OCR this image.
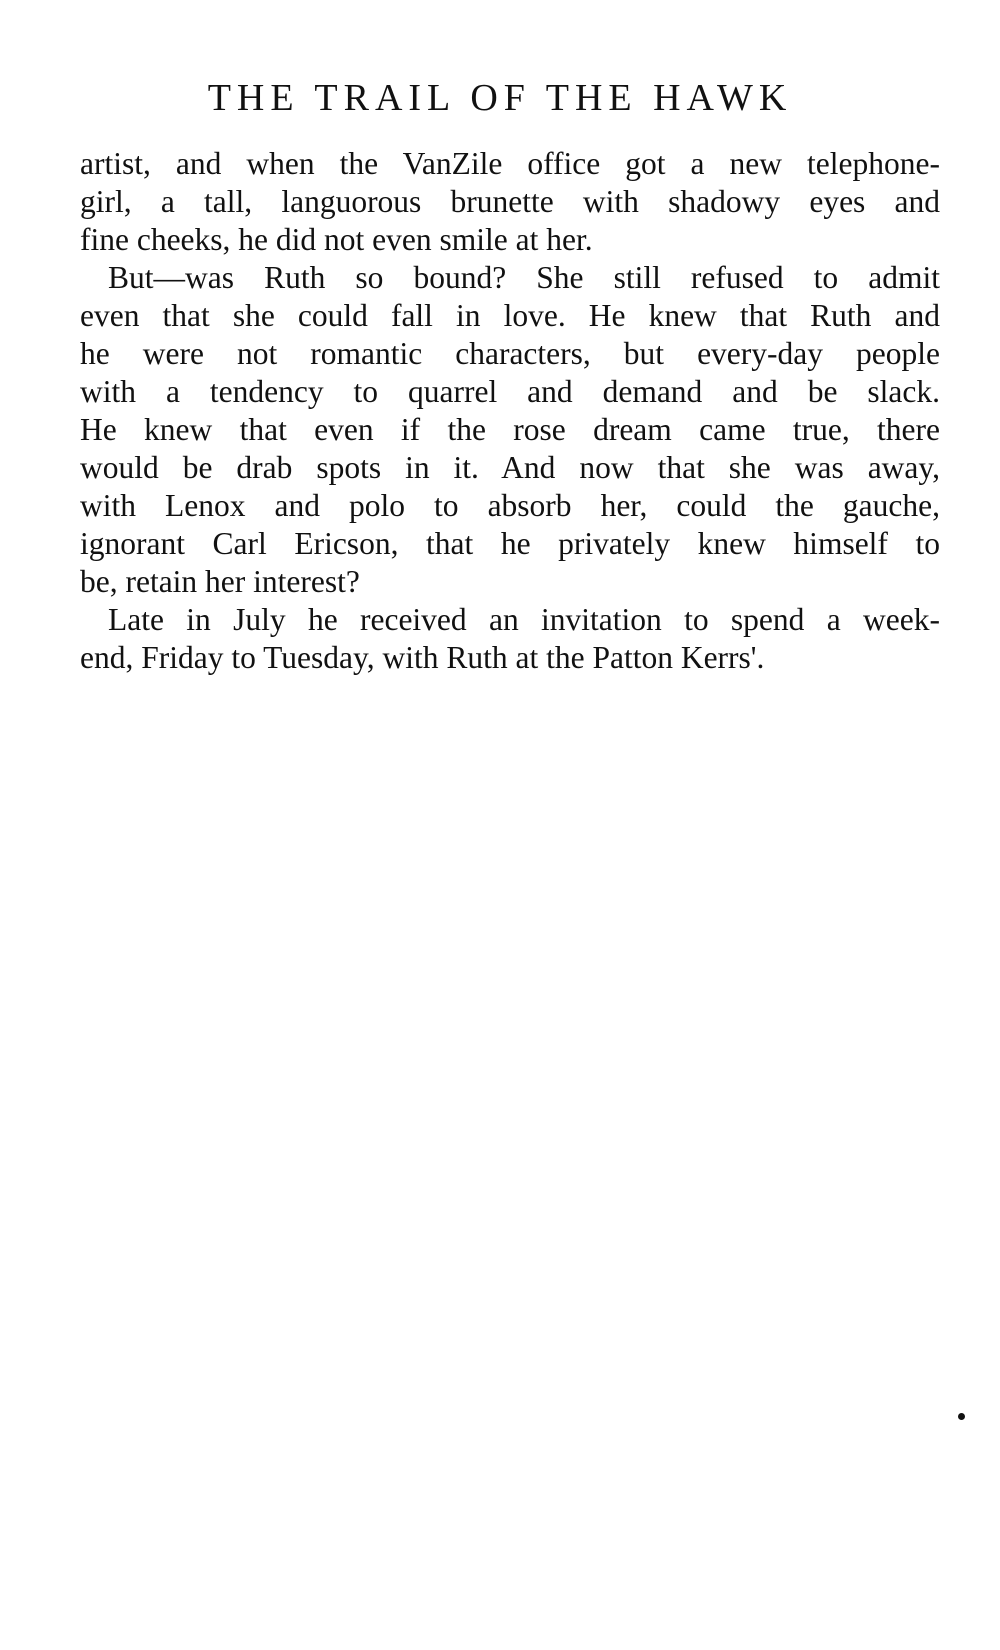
THE TRAIL OF THE HAWK
artist, and when the VanZile office got a new telephone-
girl, a tall, languorous brunette with shadowy eyes and
fine cheeks, he did not even smile at her.
But—was Ruth so bound? She still refused to admit
even that she could fall in love. He knew that Ruth and
he were not romantic characters, but every-day people
with a tendency to quarrel and demand and be slack.
He knew that even if the rose dream came true, there
would be drab spots in it. And now that she was away,
with Lenox and polo to absorb her, could the gauche,
ignorant Carl Ericson, that he privately knew himself to
be, retain her interest?
Late in July he received an invitation to spend a week-
end, Friday to Tuesday, with Ruth at the Patton Kerrs'.
